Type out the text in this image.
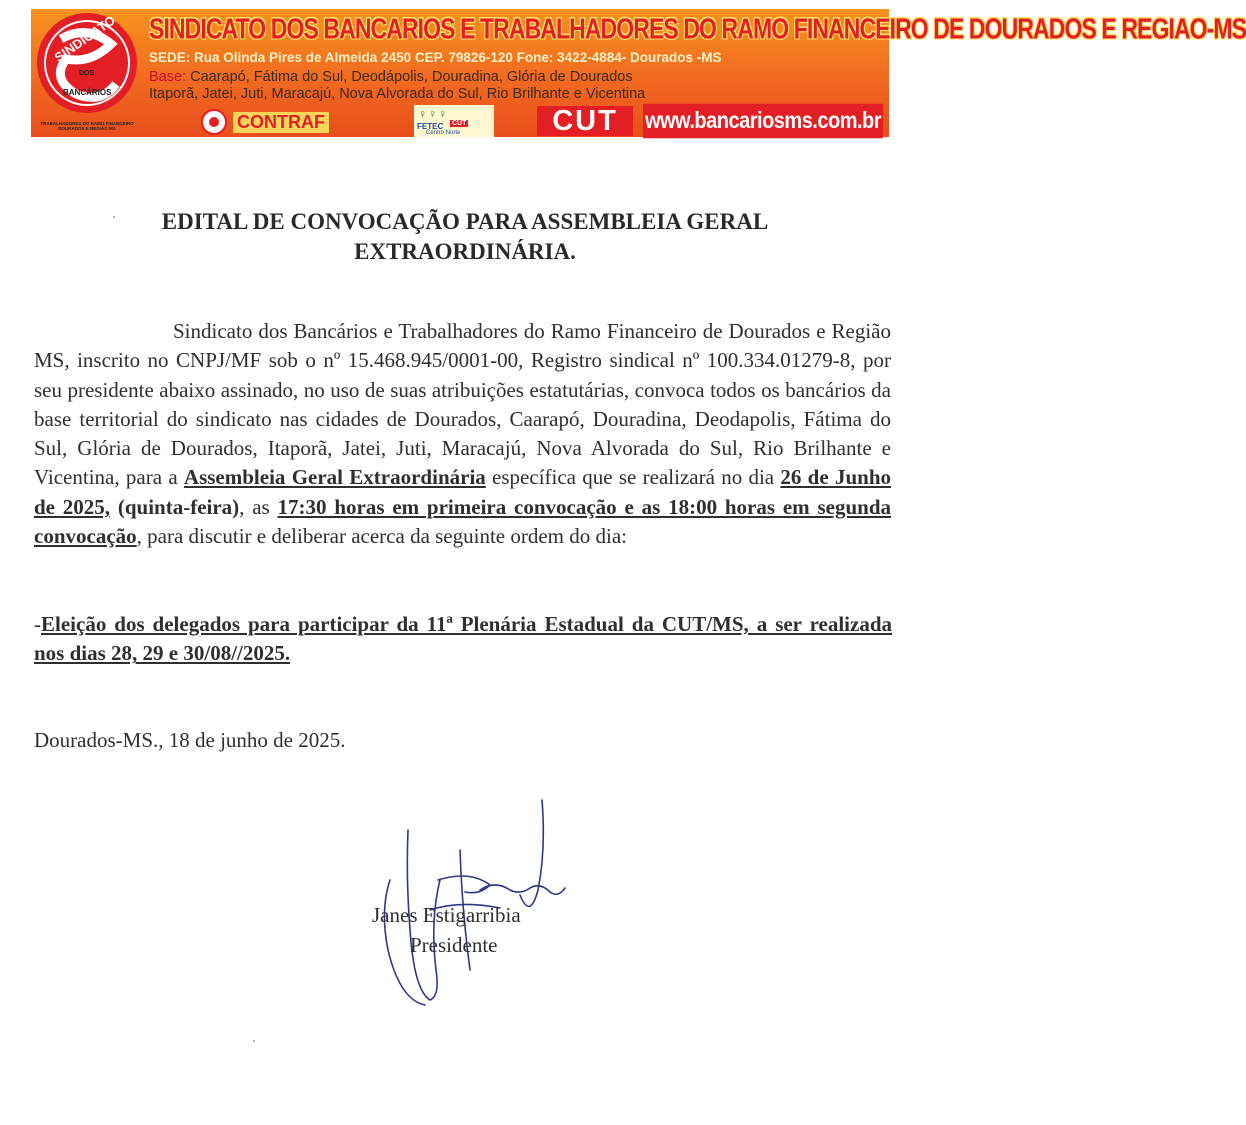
SINDICATO
DOS
BANCÁRIOS
TRABALHADORES DO RAMO FINANCEIRO DOURADOS E REGIÃO MS
SINDICATO DOS BANCARIOS E TRABALHADORES DO RAMO FINANCEIRO DE DOURADOS E REGIAO-MS
SEDE: Rua Olinda Pires de Almeida 2450 CEP. 79826-120 Fone: 3422-4884- Dourados -MS
Base: Caarapó, Fátima do Sul, Deodápolis, Douradina, Glória de Dourados
Itaporã, Jatei, Juti, Maracajú, Nova Alvorada do Sul, Rio Brilhante e Vicentina
CONTRAF	♀♀♀
FETEC CUT
Centro Norte	CUT	www.bancariosms.com.br
EDITAL DE CONVOCAÇÃO PARA ASSEMBLEIA GERAL
EXTRAORDINÁRIA.
Sindicato dos Bancários e Trabalhadores do Ramo Financeiro de Dourados e Região MS, inscrito no CNPJ/MF sob o nº 15.468.945/0001-00, Registro sindical nº 100.334.01279-8, por seu presidente abaixo assinado, no uso de suas atribuições estatutárias, convoca todos os bancários da base territorial do sindicato nas cidades de Dourados, Caarapó, Douradina, Deodapolis, Fátima do Sul, Glória de Dourados, Itaporã, Jatei, Juti, Maracajú, Nova Alvorada do Sul, Rio Brilhante e Vicentina, para a Assembleia Geral Extraordinária específica que se realizará no dia 26 de Junho de 2025, (quinta-feira), as 17:30 horas em primeira convocação e as 18:00 horas em segunda convocação, para discutir e deliberar acerca da seguinte ordem do dia:
-Eleição dos delegados para participar da 11ª Plenária Estadual da CUT/MS, a ser realizada nos dias 28, 29 e 30/08//2025.
Dourados-MS., 18 de junho de 2025.
Janes Estigarribia
Presidente
